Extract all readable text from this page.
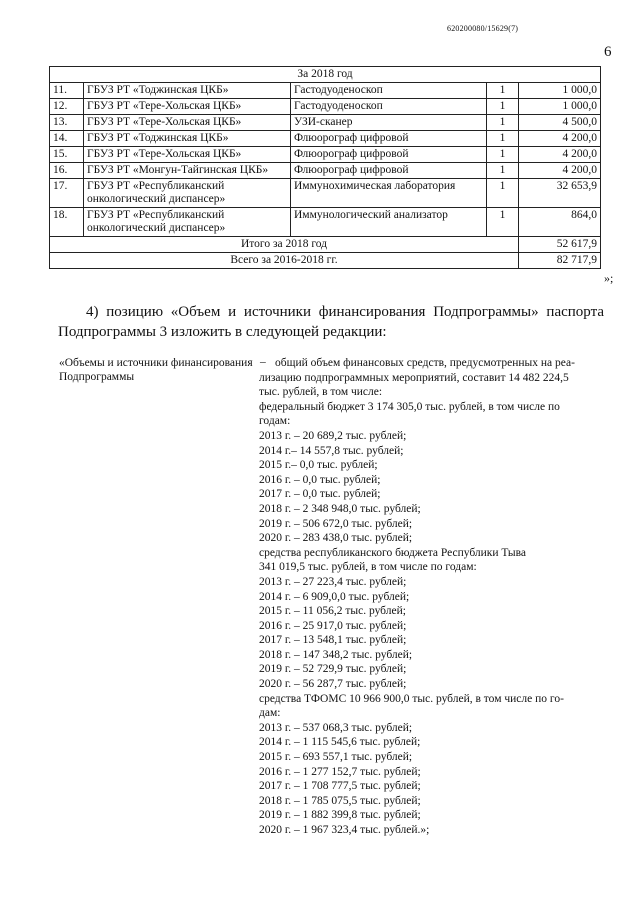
620200080/15629(7)
6
За 2018 год				
11.	ГБУЗ РТ «Тоджинская ЦКБ»	Гастодуоденоскоп	1	1 000,0
12.	ГБУЗ РТ «Тере-Хольская ЦКБ»	Гастодуоденоскоп	1	1 000,0
13.	ГБУЗ РТ «Тере-Хольская ЦКБ»	УЗИ-сканер	1	4 500,0
14.	ГБУЗ РТ «Тоджинская ЦКБ»	Флюорограф цифровой	1	4 200,0
15.	ГБУЗ РТ «Тере-Хольская ЦКБ»	Флюорограф цифровой	1	4 200,0
16.	ГБУЗ РТ «Монгун-Тайгинская ЦКБ»	Флюорограф цифровой	1	4 200,0
17.	ГБУЗ РТ «Республиканский онкологический диспансер»	Иммунохимическая лаборатория	1	32 653,9
18.	ГБУЗ РТ «Республиканский онкологический диспансер»	Иммунологический анализатор	1	864,0
Итого за 2018 год				52 617,9
Всего за 2016-2018 гг.				82 717,9
»;
4) позицию «Объем и источники финансирования Подпрограммы» паспорта Подпрограммы 3 изложить в следующей редакции:
«Объемы и источники финансирования Подпрограммы
– общий объем финансовых средств, предусмотренных на реа-
лизацию подпрограммных мероприятий, составит 14 482 224,5
тыс. рублей, в том числе:
федеральный бюджет 3 174 305,0 тыс. рублей, в том числе по
годам:
2013 г. – 20 689,2 тыс. рублей;
2014 г.– 14 557,8 тыс. рублей;
2015 г.– 0,0 тыс. рублей;
2016 г. – 0,0 тыс. рублей;
2017 г. – 0,0 тыс. рублей;
2018 г. – 2 348 948,0 тыс. рублей;
2019 г. – 506 672,0 тыс. рублей;
2020 г. – 283 438,0 тыс. рублей;
средства республиканского бюджета Республики Тыва
341 019,5 тыс. рублей, в том числе по годам:
2013 г. – 27 223,4 тыс. рублей;
2014 г. – 6 909,0,0 тыс. рублей;
2015 г. – 11 056,2 тыс. рублей;
2016 г. – 25 917,0 тыс. рублей;
2017 г. – 13 548,1 тыс. рублей;
2018 г. – 147 348,2 тыс. рублей;
2019 г. – 52 729,9 тыс. рублей;
2020 г. – 56 287,7 тыс. рублей;
средства ТФОМС 10 966 900,0 тыс. рублей, в том числе по го-
дам:
2013 г. – 537 068,3 тыс. рублей;
2014 г. – 1 115 545,6 тыс. рублей;
2015 г. – 693 557,1 тыс. рублей;
2016 г. – 1 277 152,7 тыс. рублей;
2017 г. – 1 708 777,5 тыс. рублей;
2018 г. – 1 785 075,5 тыс. рублей;
2019 г. – 1 882 399,8 тыс. рублей;
2020 г. – 1 967 323,4 тыс. рублей.»;
